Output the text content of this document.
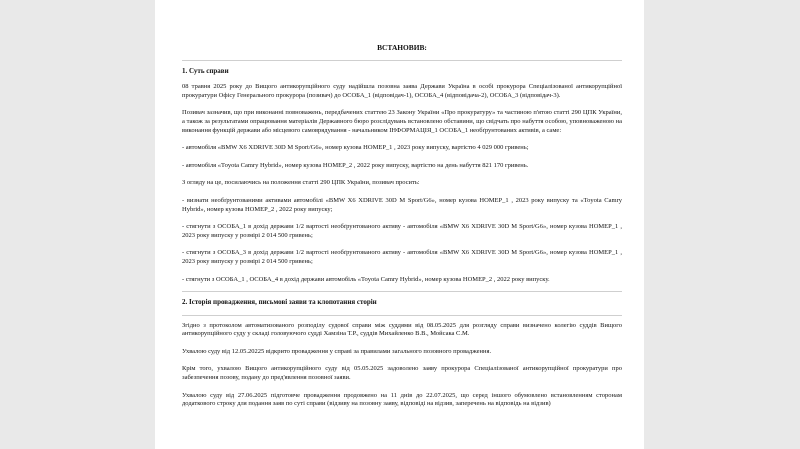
ВСТАНОВИВ:
1. Суть справи
08 травня 2025 року до Вищого антикорупційного суду надійшла позовна заява Держави Україна в особі прокурора Спеціалізованої антикорупційної прокуратури Офісу Генерального прокурора (позивач) до ОСОБА_1 (відповідач-1), ОСОБА_4 (відповідача-2), ОСОБА_3 (відповідач-3).
Позивач зазначив, що при виконанні повноважень, передбачених статтею 23 Закону України «Про прокуратуру» та частиною п'ятою статті 290 ЦПК України, а також за результатами опрацювання матеріалів Державного бюро розслідувань встановлено обставини, що свідчать про набуття особою, уповноваженою на виконання функцій держави або місцевого самоврядування - начальником ІНФОРМАЦІЯ_1 ОСОБА_1 необґрунтованих активів, а саме:
- автомобіля «BMW X6 XDRIVE 30D M Sport/G6», номер кузова НОМЕР_1 , 2023 року випуску, вартістю 4 029 000 гривень;
- автомобіля «Toyota Camry Hybrid», номер кузова НОМЕР_2 , 2022 року випуску, вартістю на день набуття 821 170 гривень.
З огляду на це, посилаючись на положення статті 290 ЦПК України, позивач просить:
- визнати необґрунтованими активами автомобілі «BMW X6 XDRIVE 30D M Sport/G6», номер кузова НОМЕР_1 , 2023 року випуску та «Toyota Camry Hybrid», номер кузова НОМЕР_2 , 2022 року випуску;
- стягнути з ОСОБА_1 в дохід держави 1/2 вартості необґрунтованого активу - автомобіля «BMW X6 XDRIVE 30D M Sport/G6», номер кузова НОМЕР_1 , 2023 року випуску у розмірі 2 014 500 гривень;
- стягнути з ОСОБА_3 в дохід держави 1/2 вартості необґрунтованого активу - автомобіля «BMW X6 XDRIVE 30D M Sport/G6», номер кузова НОМЕР_1 , 2023 року випуску у розмірі 2 014 500 гривень;
- стягнути з ОСОБА_1 , ОСОБА_4 в дохід держави автомобіль «Toyota Camry Hybrid», номер кузова НОМЕР_2 , 2022 року випуску.
2. Історія провадження, письмові заяви та клопотання сторін
Згідно з протоколом автоматизованого розподілу судової справи між суддями від 08.05.2025 для розгляду справи визначено колегію суддів Вищого антикорупційного суду у складі головуючого судді Хамзіна Т.Р., суддів Михайленко В.В., Мойсака С.М.
Ухвалою суду від 12.05.20225 відкрито провадження у справі за правилами загального позовного провадження.
Крім того, ухвалою Вищого антикорупційного суду від 05.05.2025 задоволено заяву прокурора Спеціалізованої антикорупційної прокуратури про забезпечення позову, подану до пред'явлення позовної заяви.
Ухвалою суду від 27.06.2025 підготовче провадження продовжено на 11 днів до 22.07.2025, що серед іншого обумовлено встановленням сторонам додаткового строку для подання заяв по суті справи (відзиву на позовну заяву, відповіді на відзив, заперечень на відповідь на відзив)
